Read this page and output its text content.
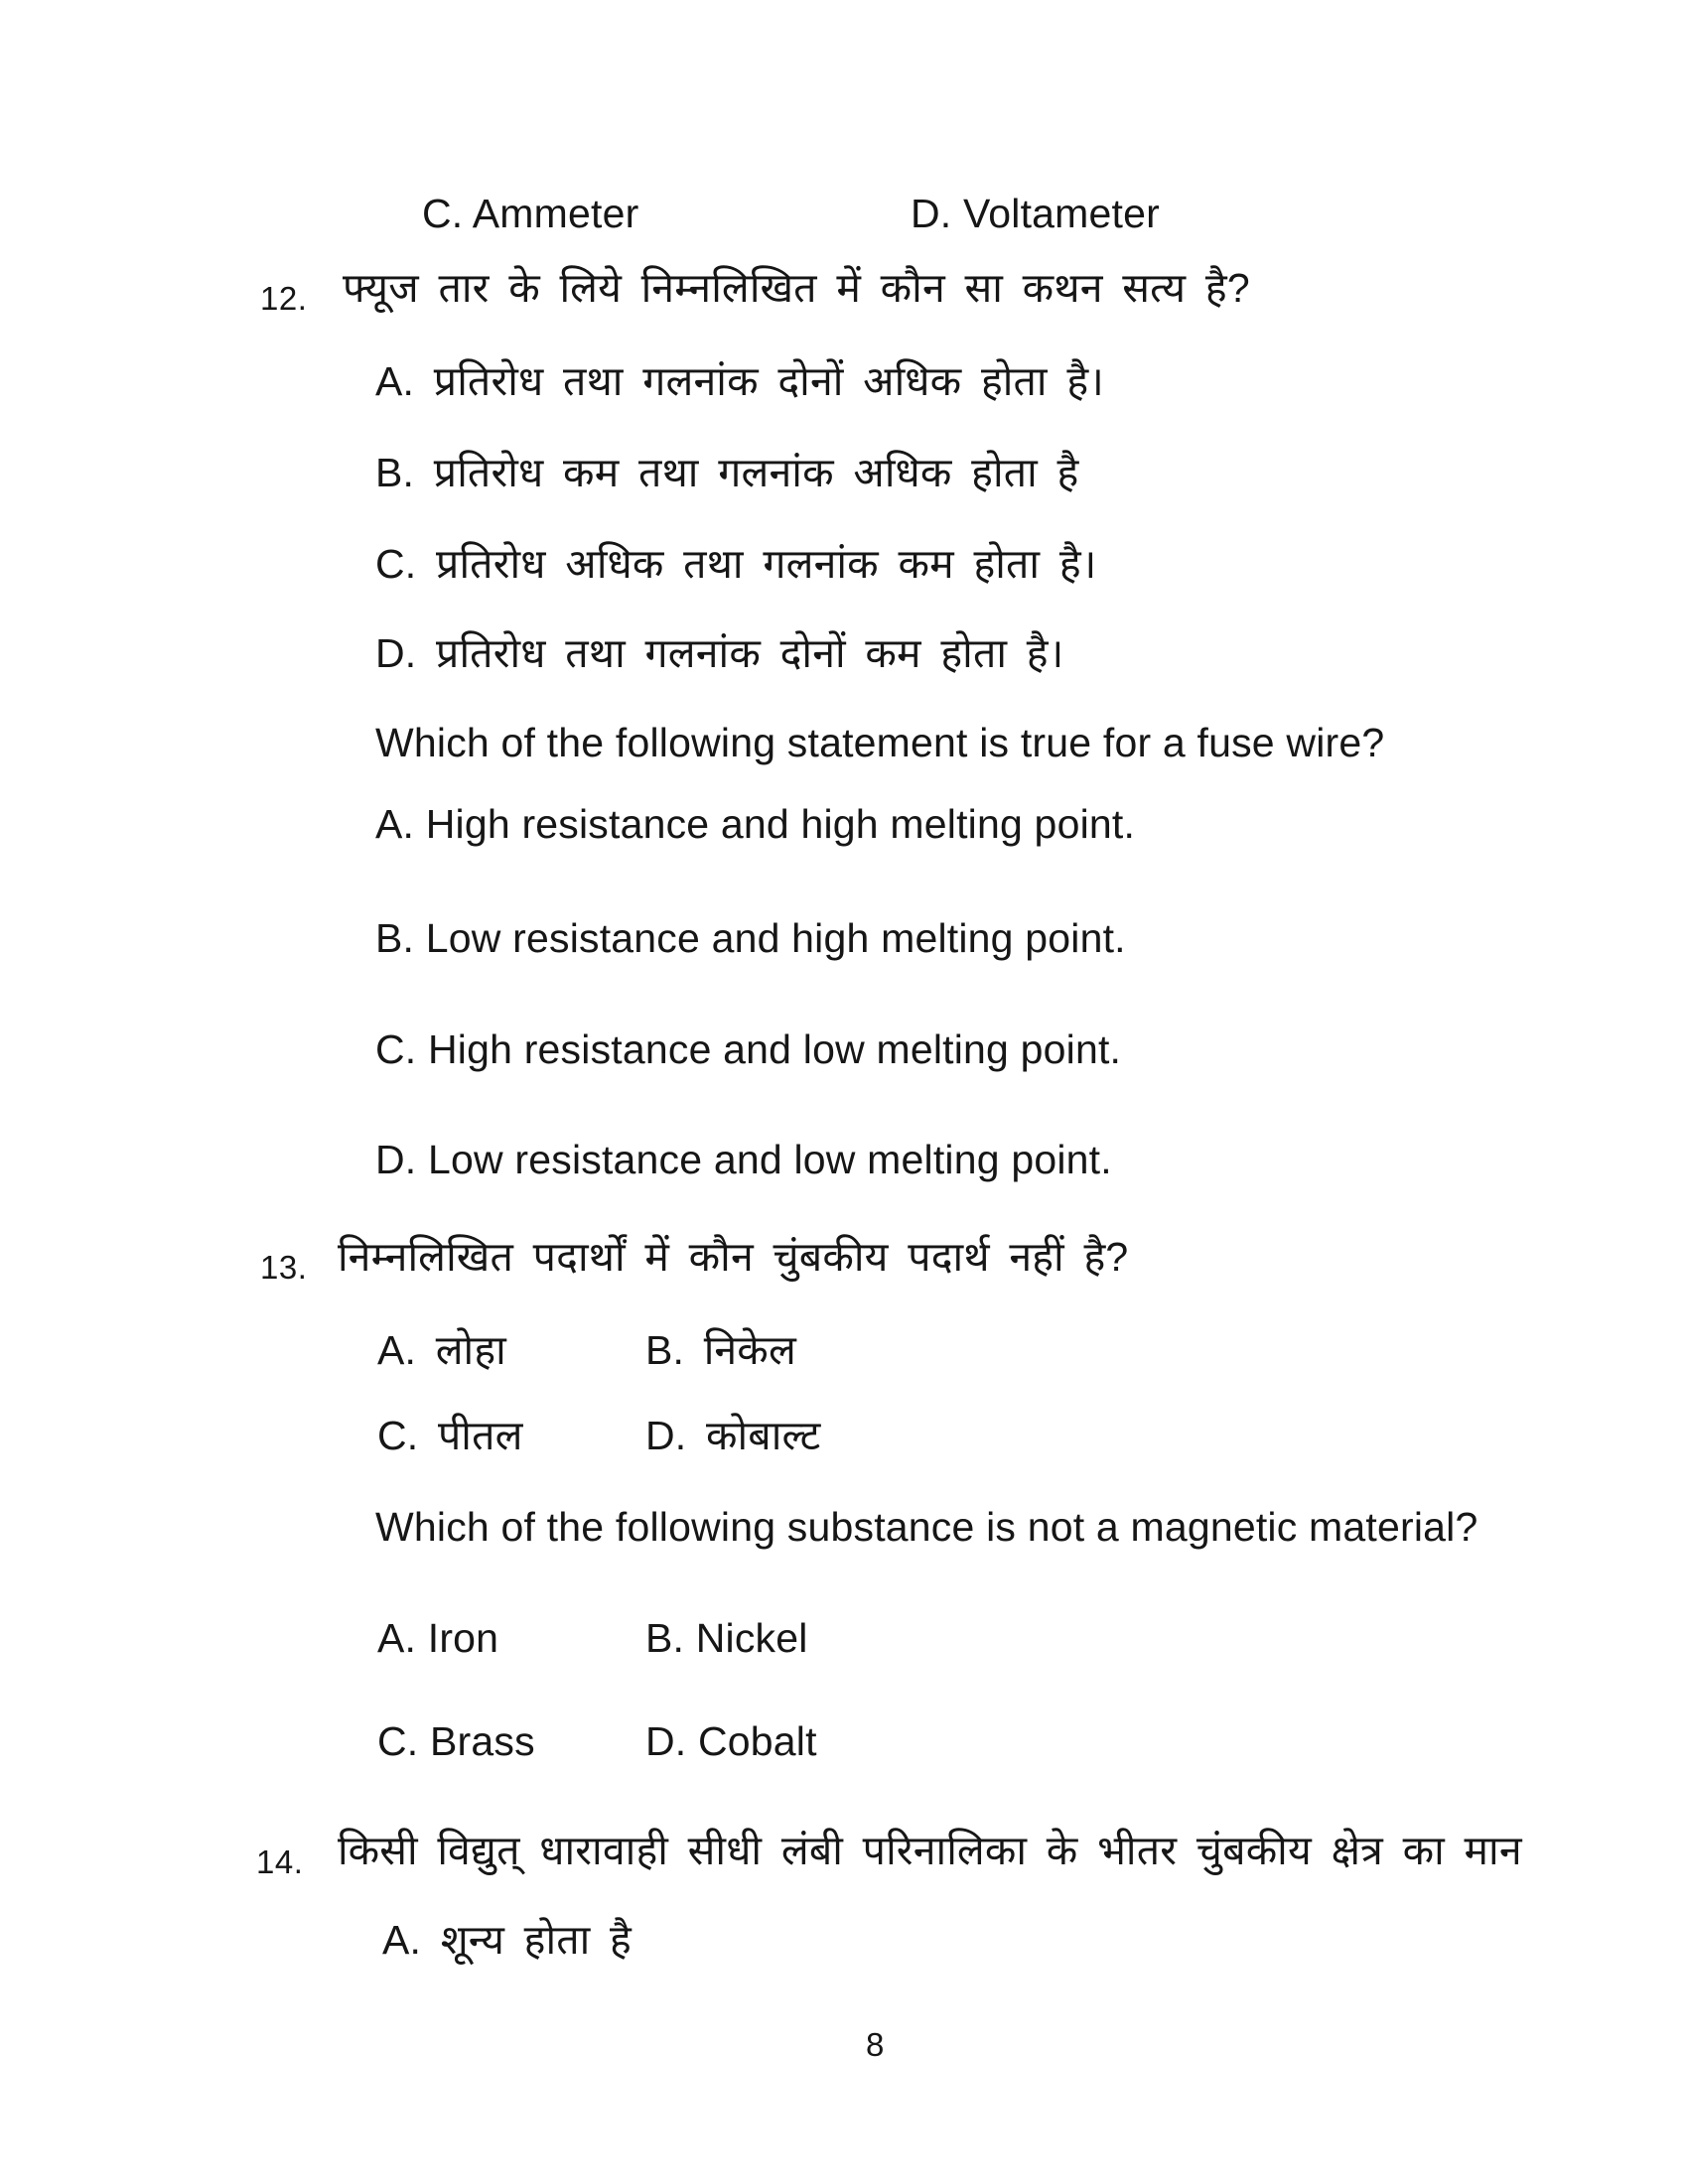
C. Ammeter	D. Voltameter
12. फ्यूज तार के लिये निम्नलिखित में कौन सा कथन सत्य है?
A. प्रतिरोध तथा गलनांक दोनों अधिक होता है।
B. प्रतिरोध कम तथा गलनांक अधिक होता है
C. प्रतिरोध अधिक तथा गलनांक कम होता है।
D. प्रतिरोध तथा गलनांक दोनों कम होता है।
Which of the following statement is true for a fuse wire?
A. High resistance and high melting point.
B. Low resistance and high melting point.
C. High resistance and low melting point.
D. Low resistance and low melting point.
13. निम्नलिखित पदार्थों में कौन चुंबकीय पदार्थ नहीं है?
A. लोहा	B. निकेल
C. पीतल	D. कोबाल्ट
Which of the following substance is not a magnetic material?
A. Iron	B. Nickel
C. Brass	D. Cobalt
14. किसी विद्युत् धारावाही सीधी लंबी परिनालिका के भीतर चुंबकीय क्षेत्र का मान
A. शून्य होता है
8
